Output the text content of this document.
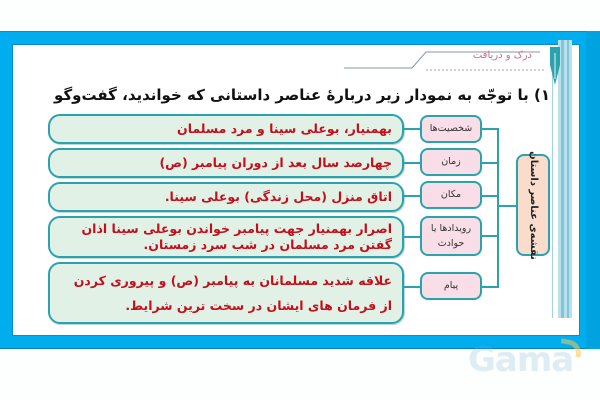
درک و دریافت
۱) با توجّه به نمودار زیر دربارهٔ عناصر داستانی که خواندید، گفت‌وگو
بهمنیار، بوعلی سینا و مرد مسلمان
چهارصد سال بعد از دوران پیامبر (ص)
اتاق منزل (محل زندگی) بوعلی سینا.
اصرار بهمنیار جهت پیامبر خواندن بوعلی سینا اذان گفتن مرد مسلمان در شب سرد زمستان.
علاقه شدید مسلمانان به پیامبر (ص) و پیروری کردن از فرمان های ایشان در سخت ترین شرایط.
شخصیت‌ها
زمان
مکان
رویدادها یا حوادث
پیام
نقشه‌ی عناصر داستان
Gama
